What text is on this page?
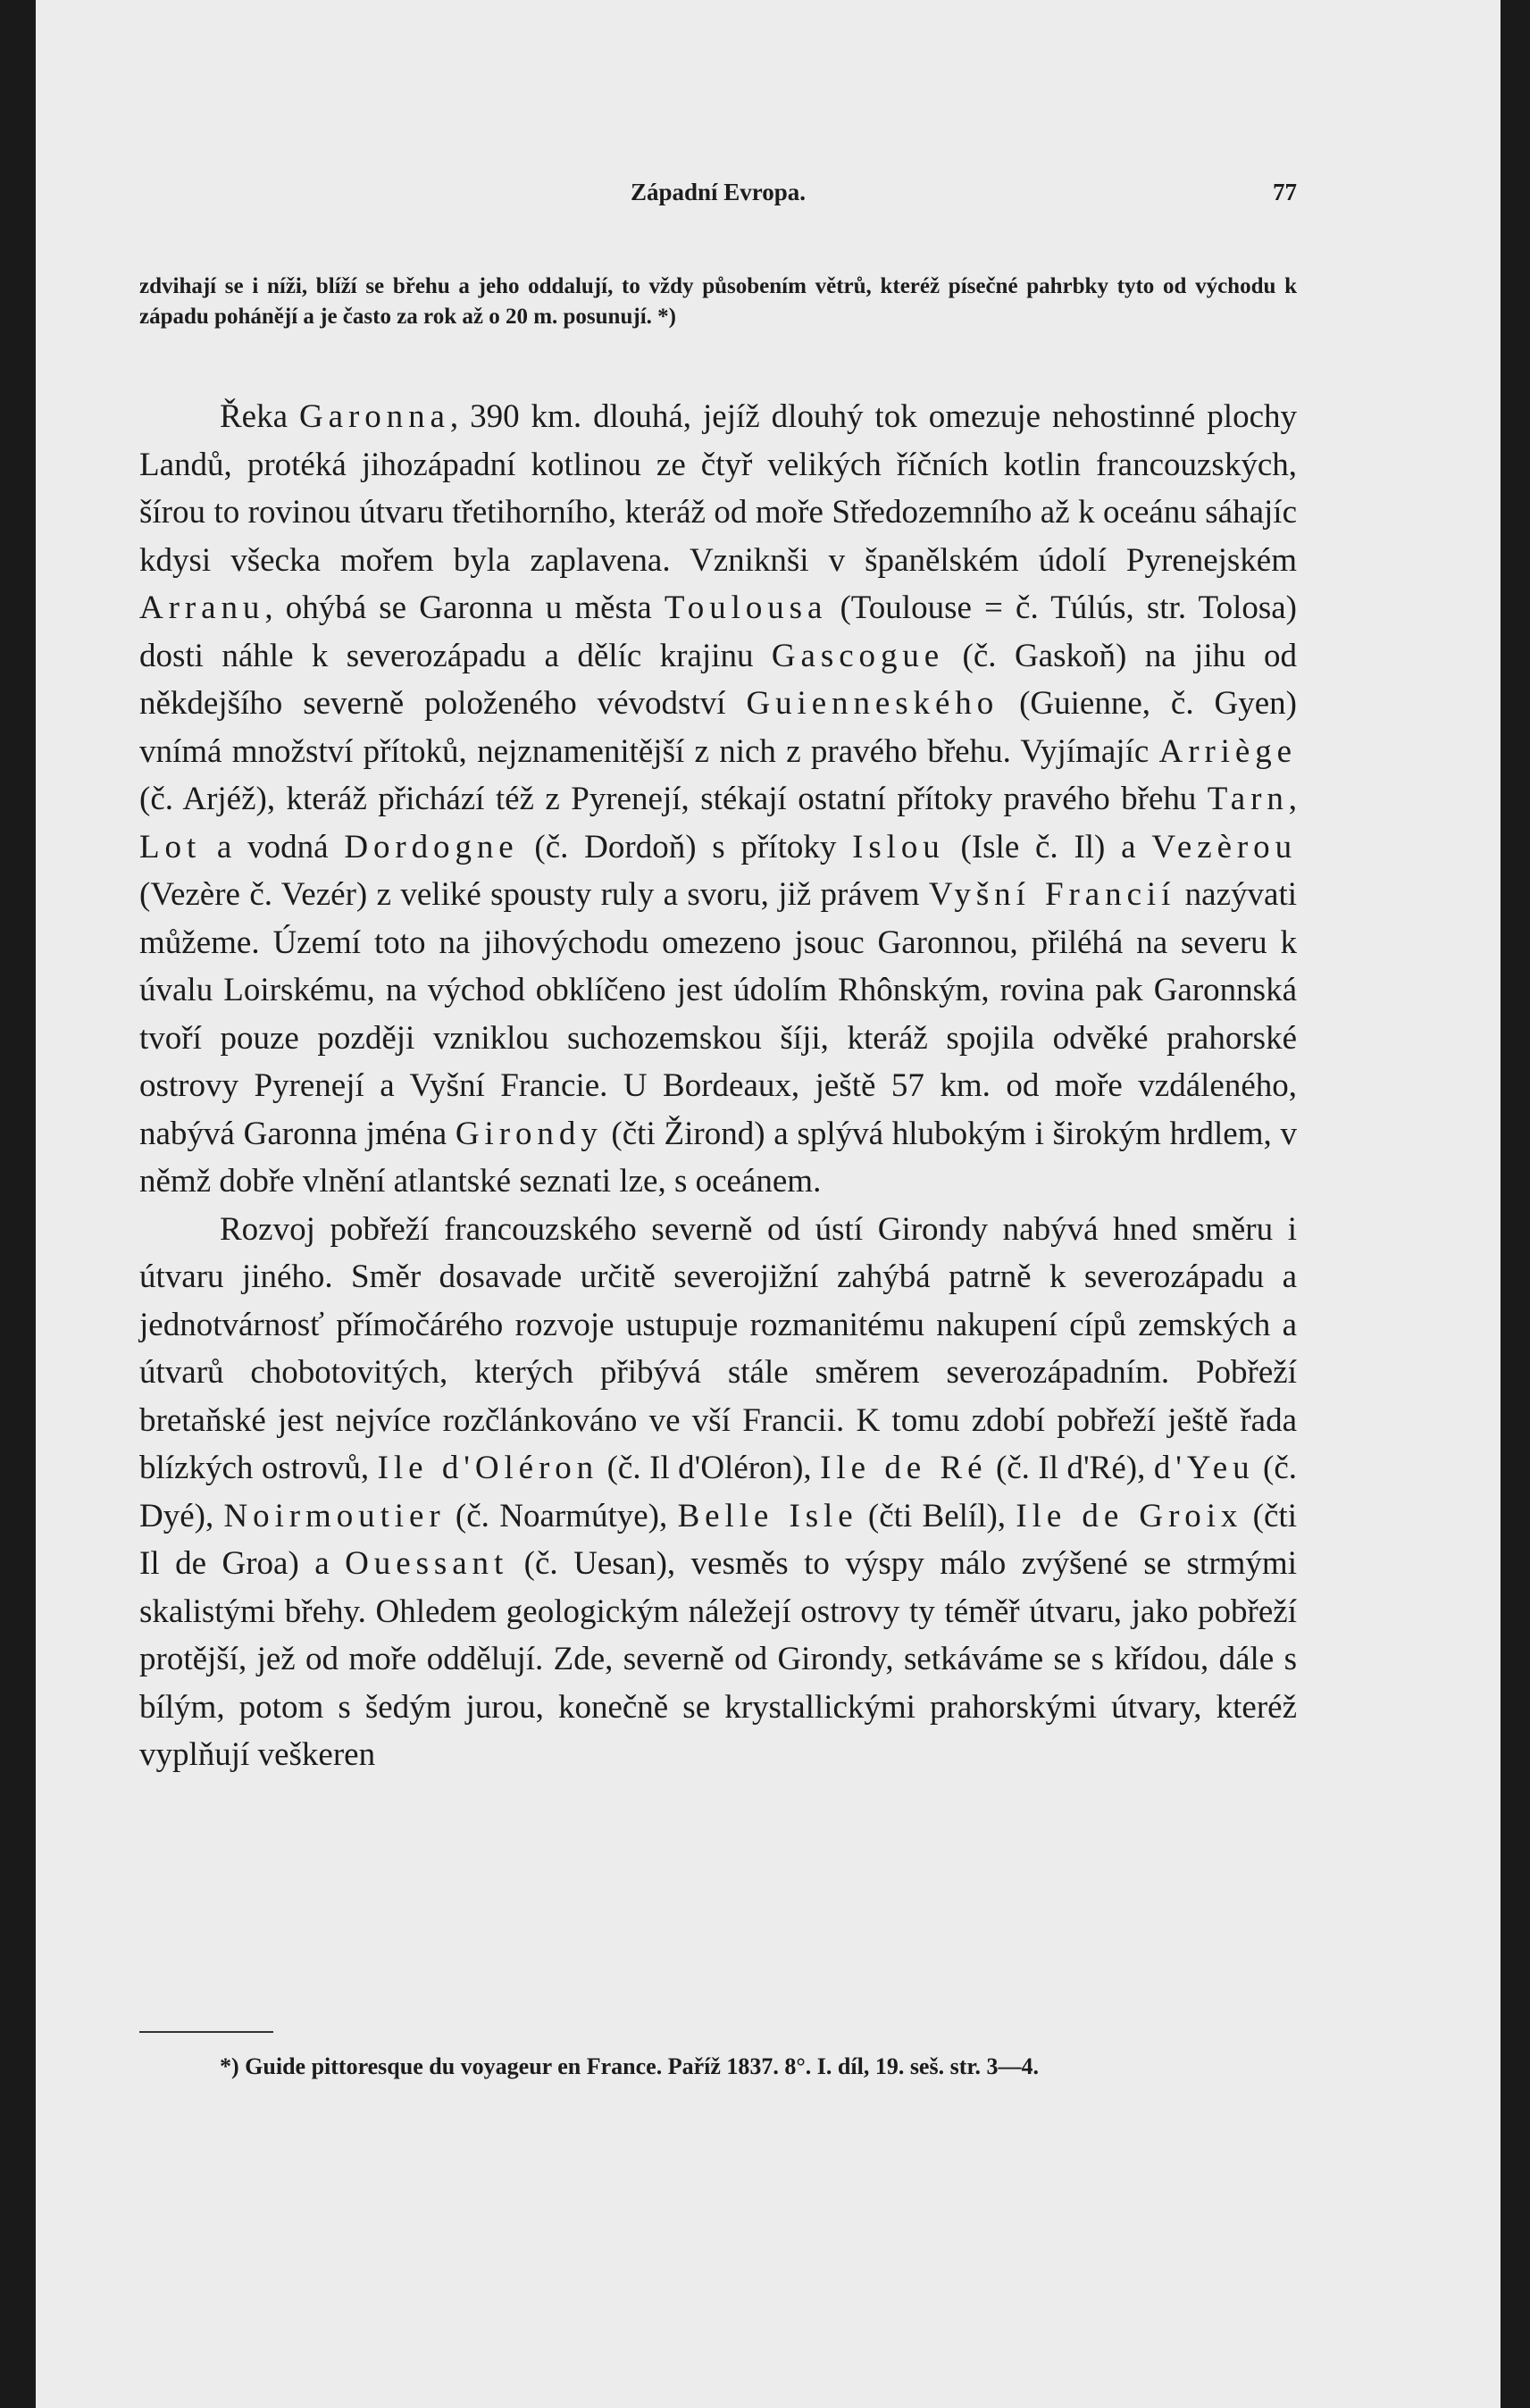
Západní Evropa.	77
zdvihají se i níži, blíží se břehu a jeho oddalují, to vždy působením větrů, kteréž písečné pahrbky tyto od východu k západu pohánějí a je často za rok až o 20 m. posunují. *)

Řeka Garonna, 390 km. dlouhá, jejíž dlouhý tok omezuje nehostinné plochy Landů, protéká jihozápadní kotlinou ze čtyř velikých říčních kotlin francouzských, šírou to rovinou útvaru třetihorního, kteráž od moře Středozemního až k oceánu sáhajíc kdysi všecka mořem byla zaplavena. Vzniknši v španělském údolí Pyrenejském Arranu, ohýbá se Garonna u města Toulousa (Toulouse = č. Túlús, str. Tolosa) dosti náhle k severozápadu a dělíc krajinu Gascogue (č. Gaskoň) na jihu od někdejšího severně položeného vévodství Guienneského (Guienne, č. Gyen) vnímá množství přítoků, nejznamenitější z nich z pravého břehu. Vyjímajíc Arriège (č. Arjéž), kteráž přichází též z Pyrenejí, stékají ostatní přítoky pravého břehu Tarn, Lot a vodná Dordogne (č. Dordoň) s přítoky Islou (Isle č. Il) a Vezèrou (Vezère č. Vezér) z veliké spousty ruly a svoru, již právem Vyšní Francií nazývati můžeme. Území toto na jihovýchodu omezeno jsouc Garonnou, přiléhá na severu k úvalu Loirskému, na východ obklíčeno jest údolím Rhônským, rovina pak Garonnská tvoří pouze později vzniklou suchozemskou šíji, kteráž spojila odvěké prahorské ostrovy Pyrenejí a Vyšní Francie. U Bordeaux, ještě 57 km. od moře vzdáleného, nabývá Garonna jména Girondy (čti Žirond) a splývá hlubokým i širokým hrdlem, v němž dobře vlnění atlantské seznati lze, s oceánem.

Rozvoj pobřeží francouzského severně od ústí Girondy nabývá hned směru i útvaru jiného. Směr dosavade určitě severojižní zahýbá patrně k severozápadu a jednotvárnosť přímočárého rozvoje ustupuje rozmanitému nakupení cípů zemských a útvarů chobotovitých, kterých přibývá stále směrem severozápadním. Pobřeží bretaňské jest nejvíce rozčlánkováno ve vší Francii. K tomu zdobí pobřeží ještě řada blízkých ostrovů, Ile d'Oléron (č. Il d'Oléron), Ile de Ré (č. Il d'Ré), d'Yeu (č. Dyé), Noirmoutier (č. Noarmútye), Belle Isle (čti Belíl), Ile de Groix (čti Il de Groa) a Ouessant (č. Uesan), vesměs to výspy málo zvýšené se strmými skalistými břehy. Ohledem geologickým náležejí ostrovy ty téměř útvaru, jako pobřeží protější, jež od moře oddělují. Zde, severně od Girondy, setkáváme se s křídou, dále s bílým, potom s šedým jurou, konečně se krystallickými prahorskými útvary, kteréž vyplňují veškeren

*) Guide pittoresque du voyageur en France. Paříž 1837. 8°. I. díl, 19. seš. str. 3—4.
